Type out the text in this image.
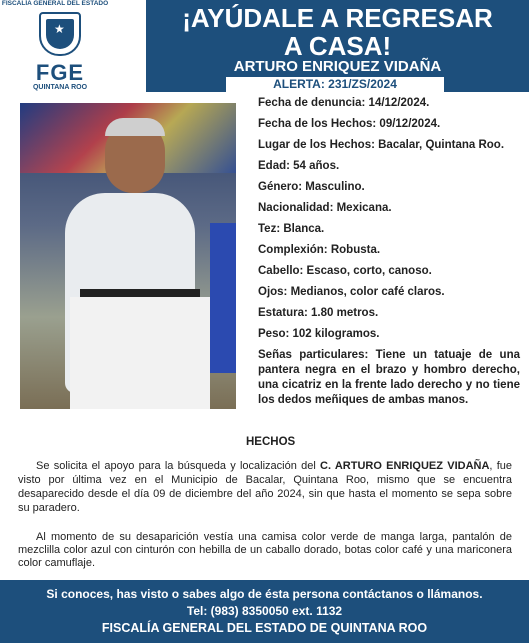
FISCALÍA GENERAL DEL ESTADO
★
FGE
QUINTANA ROO
¡AYÚDALE A REGRESAR
A CASA!
ARTURO ENRIQUEZ VIDAÑA
ALERTA: 231/ZS/2024
Fecha de denuncia: 14/12/2024.
Fecha de los Hechos: 09/12/2024.
Lugar de los Hechos: Bacalar, Quintana Roo.
Edad: 54 años.
Género: Masculino.
Nacionalidad: Mexicana.
Tez: Blanca.
Complexión: Robusta.
Cabello: Escaso, corto, canoso.
Ojos: Medianos, color café claros.
Estatura: 1.80 metros.
Peso: 102 kilogramos.
Señas particulares: Tiene un tatuaje de una pantera negra en el brazo y hombro derecho, una cicatriz en la frente lado derecho y no tiene los dedos meñiques de ambas manos.
HECHOS
Se solicita el apoyo para la búsqueda y localización del C. ARTURO ENRIQUEZ VIDAÑA, fue visto por última vez en el Municipio de Bacalar, Quintana Roo, mismo que se encuentra desaparecido desde el día 09 de diciembre del año 2024, sin que hasta el momento se sepa sobre su paradero.
Al momento de su desaparición vestía una camisa color verde de manga larga, pantalón de mezclilla color azul con cinturón con hebilla de un caballo dorado, botas color café y una mariconera color camuflaje.
Si conoces, has visto o sabes algo de ésta persona contáctanos o llámanos.
Tel: (983) 8350050 ext. 1132
FISCALÍA GENERAL DEL ESTADO DE QUINTANA ROO
